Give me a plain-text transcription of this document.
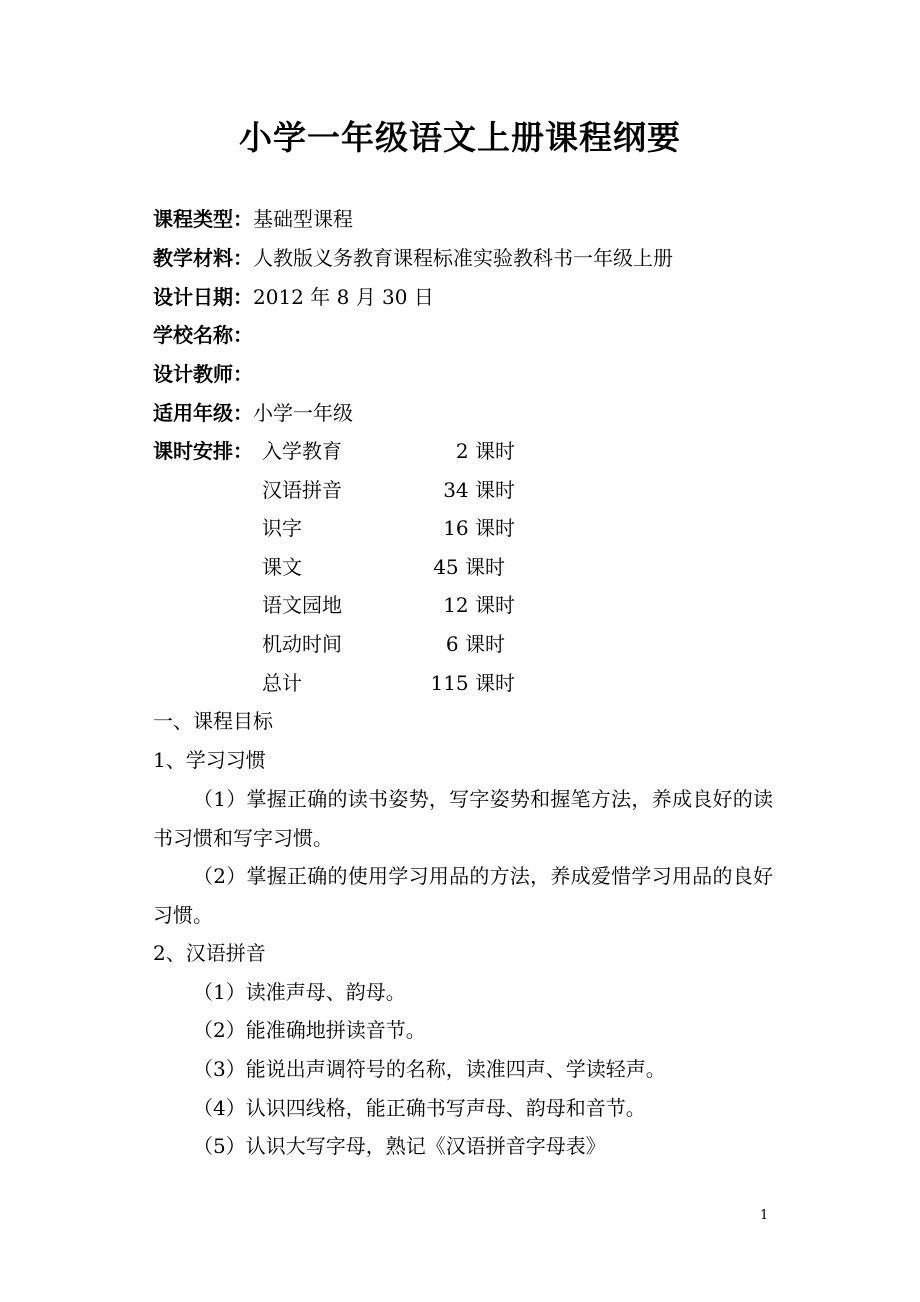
小学一年级语文上册课程纲要
课程类型：基础型课程
教学材料：人教版义务教育课程标准实验教科书一年级上册
设计日期：2012 年 8 月 30 日
学校名称：
设计教师：
适用年级：小学一年级
课时安排： 入学教育	2 课时
汉语拼音	34 课时
识字	16 课时
课文	45 课时
语文园地	12 课时
机动时间	6 课时
总计	115 课时
一、课程目标
1、学习习惯
（1）掌握正确的读书姿势，写字姿势和握笔方法，养成良好的读书习惯和写字习惯。
（2）掌握正确的使用学习用品的方法，养成爱惜学习用品的良好习惯。
2、汉语拼音
（1）读准声母、韵母。
（2）能准确地拼读音节。
（3）能说出声调符号的名称，读准四声、学读轻声。
（4）认识四线格，能正确书写声母、韵母和音节。
（5）认识大写字母，熟记《汉语拼音字母表》
1
